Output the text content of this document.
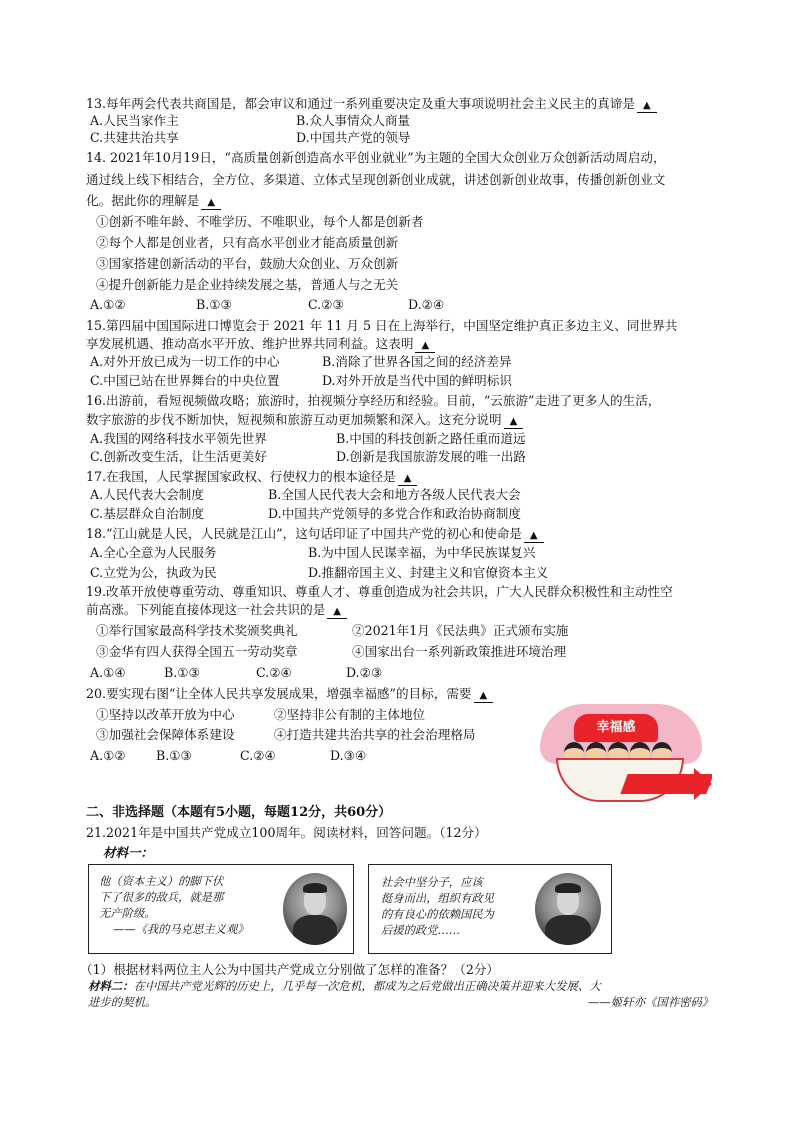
13.每年两会代表共商国是，都会审议和通过一系列重要决定及重大事项说明社会主义民主的真谛是 ▲
A.人民当家作主	B.众人事情众人商量
C.共建共治共享	D.中国共产党的领导
14. 2021年10月19日，“高质量创新创造高水平创业就业”为主题的全国大众创业万众创新活动周启动，
通过线上线下相结合，全方位、多渠道、立体式呈现创新创业成就，讲述创新创业故事，传播创新创业文
化。据此你的理解是 ▲
①创新不唯年龄、不唯学历、不唯职业，每个人都是创新者
②每个人都是创业者，只有高水平创业才能高质量创新
③国家搭建创新活动的平台，鼓励大众创业、万众创新
④提升创新能力是企业持续发展之基，普通人与之无关
A.①②	B.①③	C.②③	D.②④
15.第四届中国国际进口博览会于 2021 年 11 月 5 日在上海举行，中国坚定维护真正多边主义、同世界共
享发展机遇、推动高水平开放、维护世界共同利益。这表明 ▲
A.对外开放已成为一切工作的中心	B.消除了世界各国之间的经济差异
C.中国已站在世界舞台的中央位置	D.对外开放是当代中国的鲜明标识
16.出游前，看短视频做攻略；旅游时，拍视频分享经历和经验。目前，“云旅游”走进了更多人的生活，
数字旅游的步伐不断加快，短视频和旅游互动更加频繁和深入。这充分说明 ▲
A.我国的网络科技水平领先世界	B.中国的科技创新之路任重而道远
C.创新改变生活，让生活更美好	D.创新是我国旅游发展的唯一出路
17.在我国，人民掌握国家政权、行使权力的根本途径是 ▲
A.人民代表大会制度	B.全国人民代表大会和地方各级人民代表大会
C.基层群众自治制度	D.中国共产党领导的多党合作和政治协商制度
18.“江山就是人民，人民就是江山”，这句话印证了中国共产党的初心和使命是 ▲
A.全心全意为人民服务	B.为中国人民谋幸福，为中华民族谋复兴
C.立党为公，执政为民	D.推翻帝国主义、封建主义和官僚资本主义
19.改革开放使尊重劳动、尊重知识、尊重人才、尊重创造成为社会共识，广大人民群众积极性和主动性空
前高涨。下列能直接体现这一社会共识的是 ▲
①举行国家最高科学技术奖颁奖典礼	②2021年1月《民法典》正式颁布实施
③金华有四人获得全国五一劳动奖章	④国家出台一系列新政策推进环境治理
A.①④	B.①③	C.②④	D.②③
20.要实现右图“让全体人民共享发展成果，增强幸福感”的目标，需要 ▲
①坚持以改革开放为中心	②坚持非公有制的主体地位
③加强社会保障体系建设	④打造共建共治共享的社会治理格局
A.①② B.①③	C.②④	D.③④
幸福感
二、非选择题（本题有5小题，每题12分，共60分）
21.2021年是中国共产党成立100周年。阅读材料，回答问题。（12分）
材料一：
他（资本主义）的脚下伏
下了很多的敌兵，就是那
无产阶级。
——《我的马克思主义观》
社会中坚分子，应该
挺身而出，组织有政见
的有良心的依赖国民为
后援的政党……
（1）根据材料两位主人公为中国共产党成立分别做了怎样的准备？（2分）
材料二：在中国共产党光辉的历史上，几乎每一次危机，都成为之后党做出正确决策并迎来大发展、大
进步的契机。	——姬轩亦《国祚密码》
